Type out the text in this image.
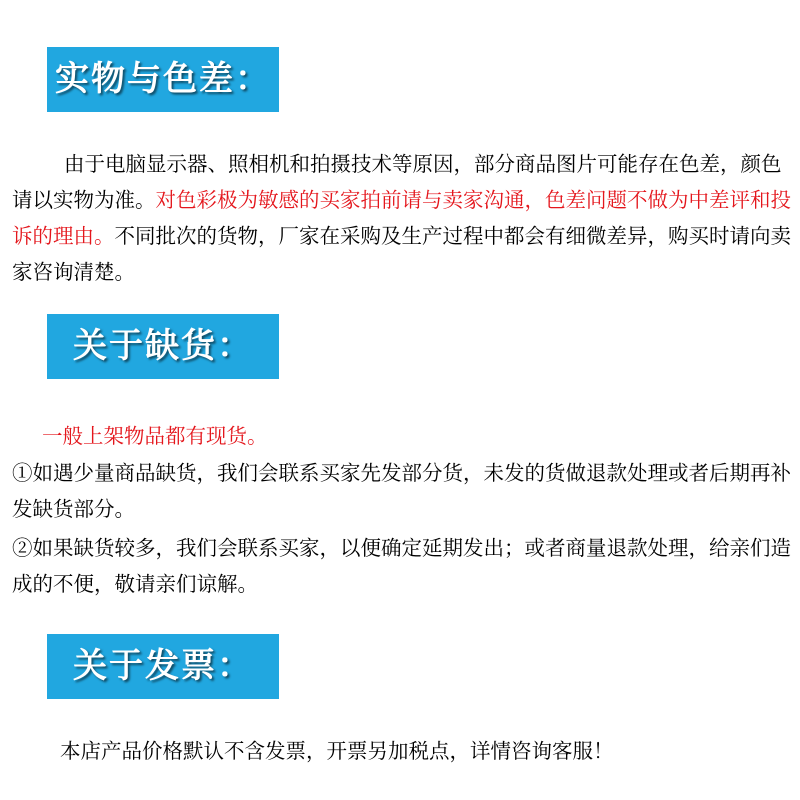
实物与色差：

由于电脑显示器、照相机和拍摄技术等原因，部分商品图片可能存在色差，颜色请以实物为准。对色彩极为敏感的买家拍前请与卖家沟通，色差问题不做为中差评和投诉的理由。不同批次的货物，厂家在采购及生产过程中都会有细微差异，购买时请向卖家咨询清楚。

关于缺货：

一般上架物品都有现货。

①如遇少量商品缺货，我们会联系买家先发部分货，未发的货做退款处理或者后期再补发缺货部分。

②如果缺货较多，我们会联系买家，以便确定延期发出；或者商量退款处理，给亲们造成的不便，敬请亲们谅解。

关于发票：

本店产品价格默认不含发票，开票另加税点，详情咨询客服！
